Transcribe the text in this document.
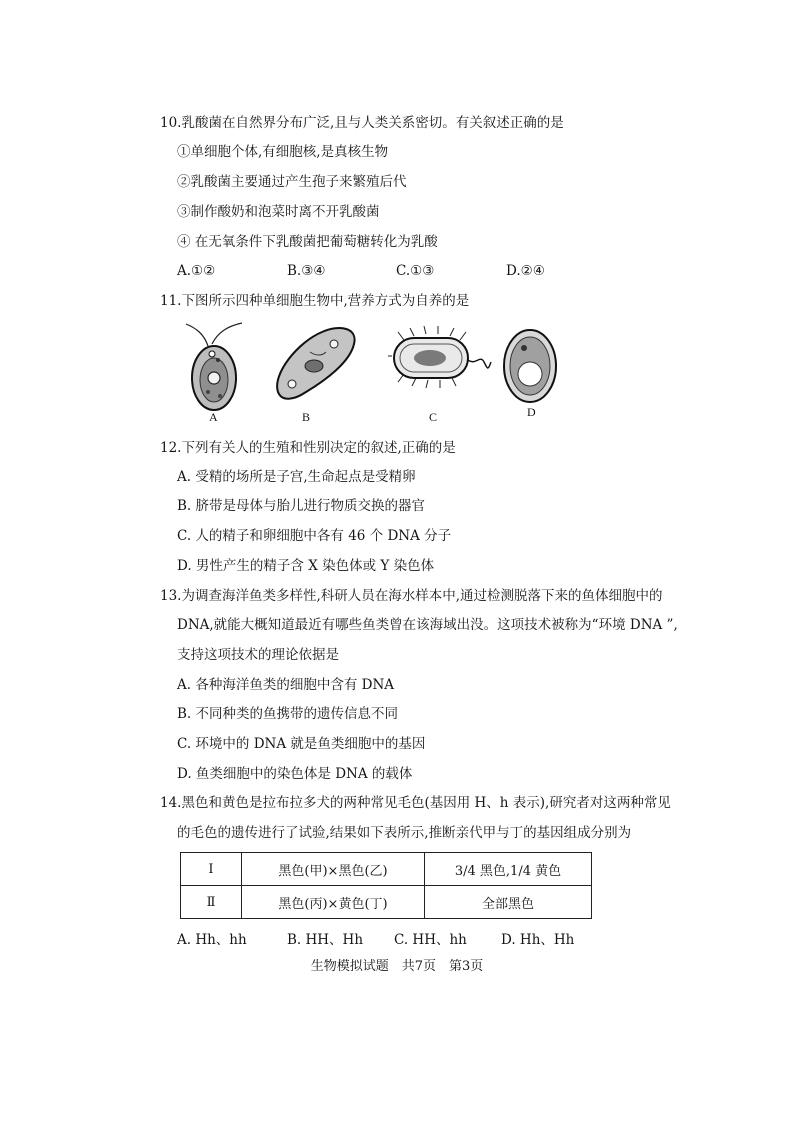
10.乳酸菌在自然界分布广泛,且与人类关系密切。有关叙述正确的是
①单细胞个体,有细胞核,是真核生物
②乳酸菌主要通过产生孢子来繁殖后代
③制作酸奶和泡菜时离不开乳酸菌
④ 在无氧条件下乳酸菌把葡萄糖转化为乳酸
A.①②	B.③④	C.①③	D.②④
11.下图所示四种单细胞生物中,营养方式为自养的是
A	B	C	D
12.下列有关人的生殖和性别决定的叙述,正确的是
A. 受精的场所是子宫,生命起点是受精卵
B. 脐带是母体与胎儿进行物质交换的器官
C. 人的精子和卵细胞中各有 46 个 DNA 分子
D. 男性产生的精子含 X 染色体或 Y 染色体
13.为调查海洋鱼类多样性,科研人员在海水样本中,通过检测脱落下来的鱼体细胞中的
DNA,就能大概知道最近有哪些鱼类曾在该海域出没。这项技术被称为“环境 DNA ”,
支持这项技术的理论依据是
A. 各种海洋鱼类的细胞中含有 DNA
B. 不同种类的鱼携带的遗传信息不同
C. 环境中的 DNA 就是鱼类细胞中的基因
D. 鱼类细胞中的染色体是 DNA 的载体
14.黑色和黄色是拉布拉多犬的两种常见毛色(基因用 H、h 表示),研究者对这两种常见
的毛色的遗传进行了试验,结果如下表所示,推断亲代甲与丁的基因组成分别为
Ⅰ	黑色(甲)×黑色(乙)	3/4 黑色,1/4 黄色
Ⅱ	黑色(丙)×黄色(丁)	全部黑色
A. Hh、hh	B. HH、Hh C. HH、hh	D. Hh、Hh
生物模拟试题　共7页　第3页
